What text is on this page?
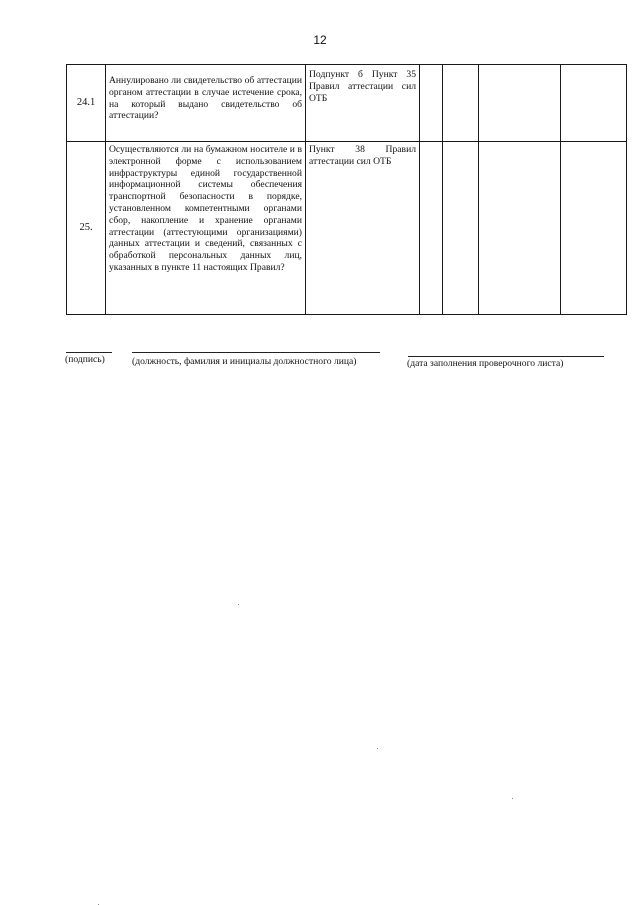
12
24.1	Аннулировано ли свидетельство об аттестации органом аттестации в случае истечение срока, на который выдано свидетельство об аттестации?	Подпункт б Пункт 35 Правил аттестации сил ОТБ				
25.	Осуществляются ли на бумажном носителе и в электронной форме с использованием инфраструктуры единой государственной информационной системы обеспечения транспортной безопасности в порядке, установленном компетентными органами сбор, накопление и хранение органами аттестации (аттестующими организациями) данных аттестации и сведений, связанных с обработкой персональных данных лиц, указанных в пункте 11 настоящих Правил?	Пункт 38 Правил аттестации сил ОТБ				
(подпись)	(должность, фамилия и инициалы должностного лица)	(дата заполнения проверочного листа)
